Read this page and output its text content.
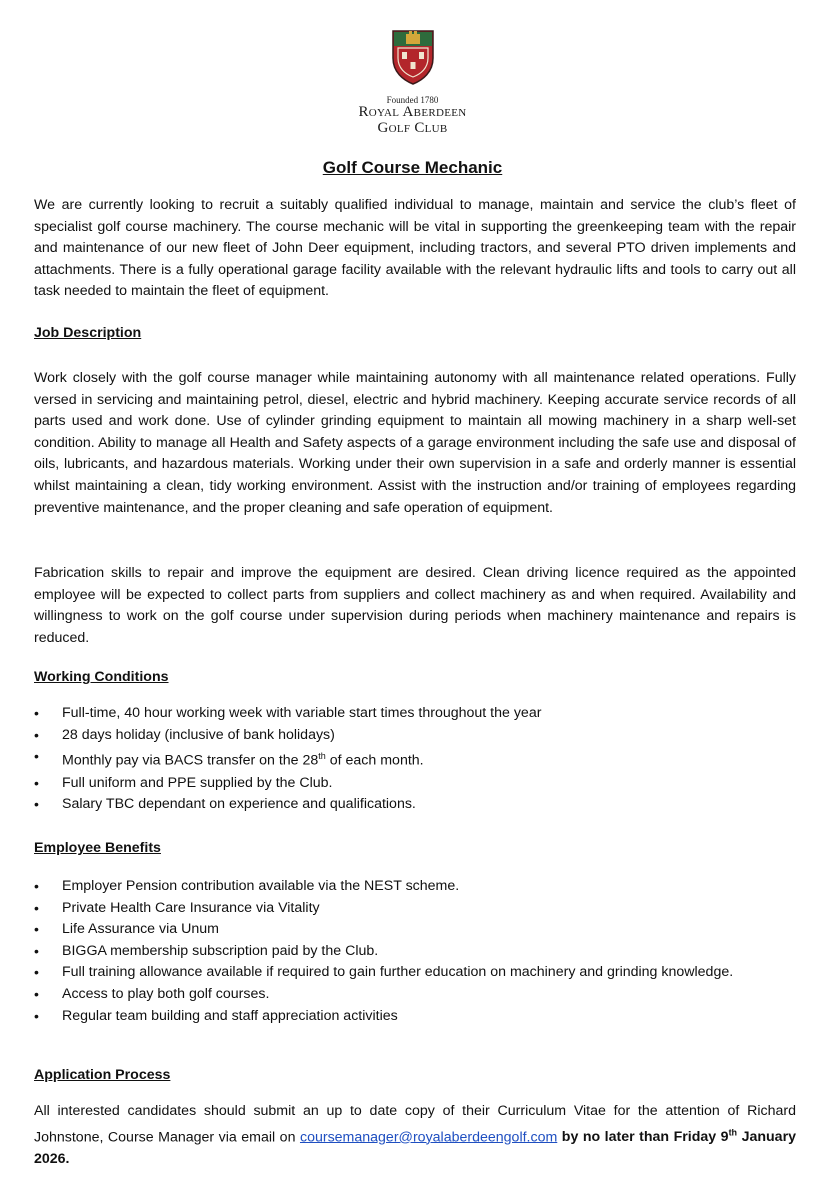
Founded 1780
Royal Aberdeen
Golf Club
Golf Course Mechanic

We are currently looking to recruit a suitably qualified individual to manage, maintain and service the club’s fleet of specialist golf course machinery. The course mechanic will be vital in supporting the greenkeeping team with the repair and maintenance of our new fleet of John Deer equipment, including tractors, and several PTO driven implements and attachments. There is a fully operational garage facility available with the relevant hydraulic lifts and tools to carry out all task needed to maintain the fleet of equipment.

Job Description

Work closely with the golf course manager while maintaining autonomy with all maintenance related operations. Fully versed in servicing and maintaining petrol, diesel, electric and hybrid machinery. Keeping accurate service records of all parts used and work done. Use of cylinder grinding equipment to maintain all mowing machinery in a sharp well-set condition. Ability to manage all Health and Safety aspects of a garage environment including the safe use and disposal of oils, lubricants, and hazardous materials. Working under their own supervision in a safe and orderly manner is essential whilst maintaining a clean, tidy working environment. Assist with the instruction and/or training of employees regarding preventive maintenance, and the proper cleaning and safe operation of equipment.

Fabrication skills to repair and improve the equipment are desired. Clean driving licence required as the appointed employee will be expected to collect parts from suppliers and collect machinery as and when required. Availability and willingness to work on the golf course under supervision during periods when machinery maintenance and repairs is reduced.

Working Conditions
• Full-time, 40 hour working week with variable start times throughout the year
• 28 days holiday (inclusive of bank holidays)
• Monthly pay via BACS transfer on the 28th of each month.
• Full uniform and PPE supplied by the Club.
• Salary TBC dependant on experience and qualifications.
Employee Benefits
• Employer Pension contribution available via the NEST scheme.
• Private Health Care Insurance via Vitality
• Life Assurance via Unum
• BIGGA membership subscription paid by the Club.
• Full training allowance available if required to gain further education on machinery and grinding knowledge.
• Access to play both golf courses.
• Regular team building and staff appreciation activities
Application Process

All interested candidates should submit an up to date copy of their Curriculum Vitae for the attention of Richard Johnstone, Course Manager via email on coursemanager@royalaberdeengolf.com by no later than Friday 9th January 2026.
